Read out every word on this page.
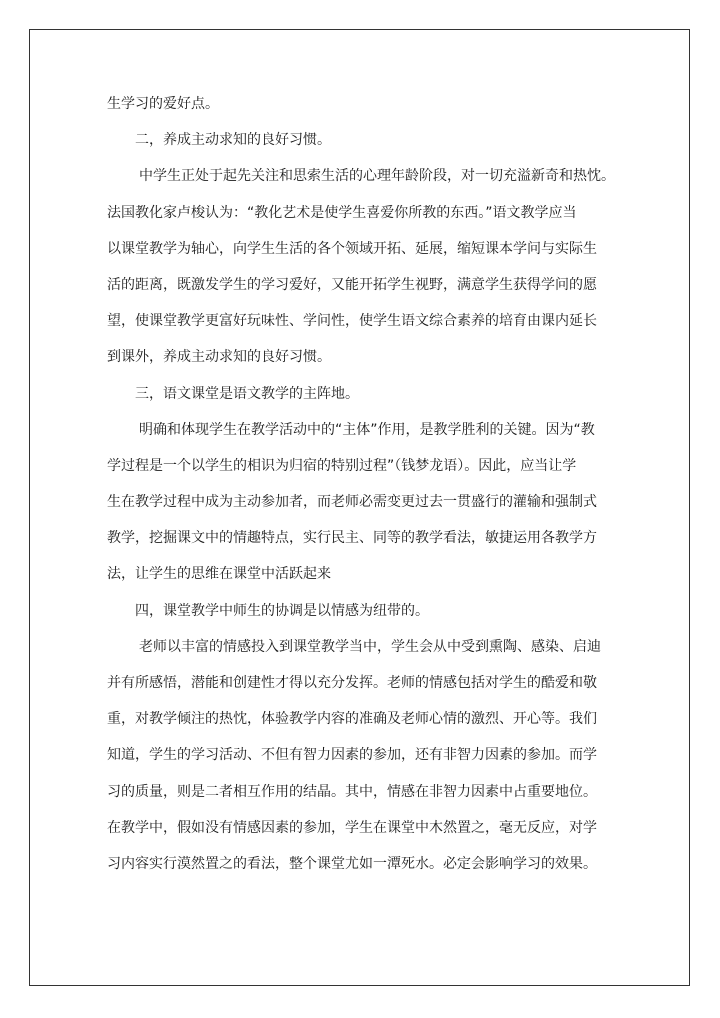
生学习的爱好点。

二，养成主动求知的良好习惯。

中学生正处于起先关注和思索生活的心理年龄阶段，对一切充溢新奇和热忱。

法国教化家卢梭认为：“教化艺术是使学生喜爱你所教的东西。”语文教学应当

以课堂教学为轴心，向学生生活的各个领域开拓、延展，缩短课本学问与实际生

活的距离，既激发学生的学习爱好，又能开拓学生视野，满意学生获得学问的愿

望，使课堂教学更富好玩味性、学问性，使学生语文综合素养的培育由课内延长

到课外，养成主动求知的良好习惯。

三，语文课堂是语文教学的主阵地。

明确和体现学生在教学活动中的“主体”作用，是教学胜利的关键。因为“教

学过程是一个以学生的相识为归宿的特别过程”（钱梦龙语）。因此，应当让学

生在教学过程中成为主动参加者，而老师必需变更过去一贯盛行的灌输和强制式

教学，挖掘课文中的情趣特点，实行民主、同等的教学看法，敏捷运用各教学方

法，让学生的思维在课堂中活跃起来

四，课堂教学中师生的协调是以情感为纽带的。

老师以丰富的情感投入到课堂教学当中，学生会从中受到熏陶、感染、启迪

并有所感悟，潜能和创建性才得以充分发挥。老师的情感包括对学生的酷爱和敬

重，对教学倾注的热忱，体验教学内容的准确及老师心情的激烈、开心等。我们

知道，学生的学习活动、不但有智力因素的参加，还有非智力因素的参加。而学

习的质量，则是二者相互作用的结晶。其中，情感在非智力因素中占重要地位。

在教学中，假如没有情感因素的参加，学生在课堂中木然置之，毫无反应，对学

习内容实行漠然置之的看法，整个课堂尤如一潭死水。必定会影响学习的效果。
